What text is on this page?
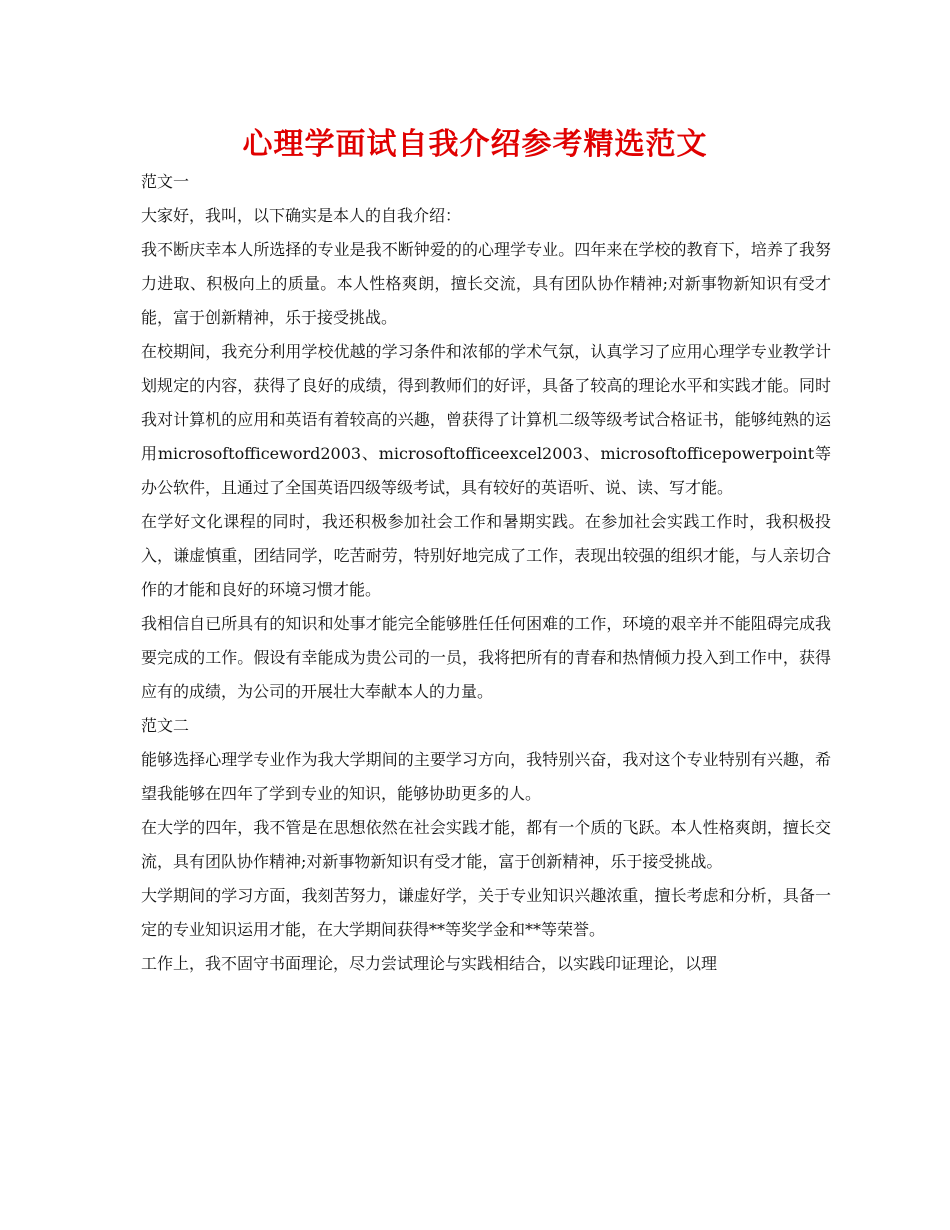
心理学面试自我介绍参考精选范文

范文一

大家好，我叫，以下确实是本人的自我介绍：

我不断庆幸本人所选择的专业是我不断钟爱的的心理学专业。四年来在学校的教育下，培养了我努力进取、积极向上的质量。本人性格爽朗，擅长交流，具有团队协作精神;对新事物新知识有受才能，富于创新精神，乐于接受挑战。

在校期间，我充分利用学校优越的学习条件和浓郁的学术气氛，认真学习了应用心理学专业教学计划规定的内容，获得了良好的成绩，得到教师们的好评，具备了较高的理论水平和实践才能。同时我对计算机的应用和英语有着较高的兴趣，曾获得了计算机二级等级考试合格证书，能够纯熟的运用microsoftofficeword2003、microsoftofficeexcel2003、microsoftofficepowerpoint等办公软件，且通过了全国英语四级等级考试，具有较好的英语听、说、读、写才能。

在学好文化课程的同时，我还积极参加社会工作和暑期实践。在参加社会实践工作时，我积极投入，谦虚慎重，团结同学，吃苦耐劳，特别好地完成了工作，表现出较强的组织才能，与人亲切合作的才能和良好的环境习惯才能。

我相信自已所具有的知识和处事才能完全能够胜任任何困难的工作，环境的艰辛并不能阻碍完成我要完成的工作。假设有幸能成为贵公司的一员，我将把所有的青春和热情倾力投入到工作中，获得应有的成绩，为公司的开展壮大奉献本人的力量。

范文二

能够选择心理学专业作为我大学期间的主要学习方向，我特别兴奋，我对这个专业特别有兴趣，希望我能够在四年了学到专业的知识，能够协助更多的人。

在大学的四年，我不管是在思想依然在社会实践才能，都有一个质的飞跃。本人性格爽朗，擅长交流，具有团队协作精神;对新事物新知识有受才能，富于创新精神，乐于接受挑战。

大学期间的学习方面，我刻苦努力，谦虚好学，关于专业知识兴趣浓重，擅长考虑和分析，具备一定的专业知识运用才能，在大学期间获得**等奖学金和**等荣誉。

工作上，我不固守书面理论，尽力尝试理论与实践相结合，以实践印证理论，以理
